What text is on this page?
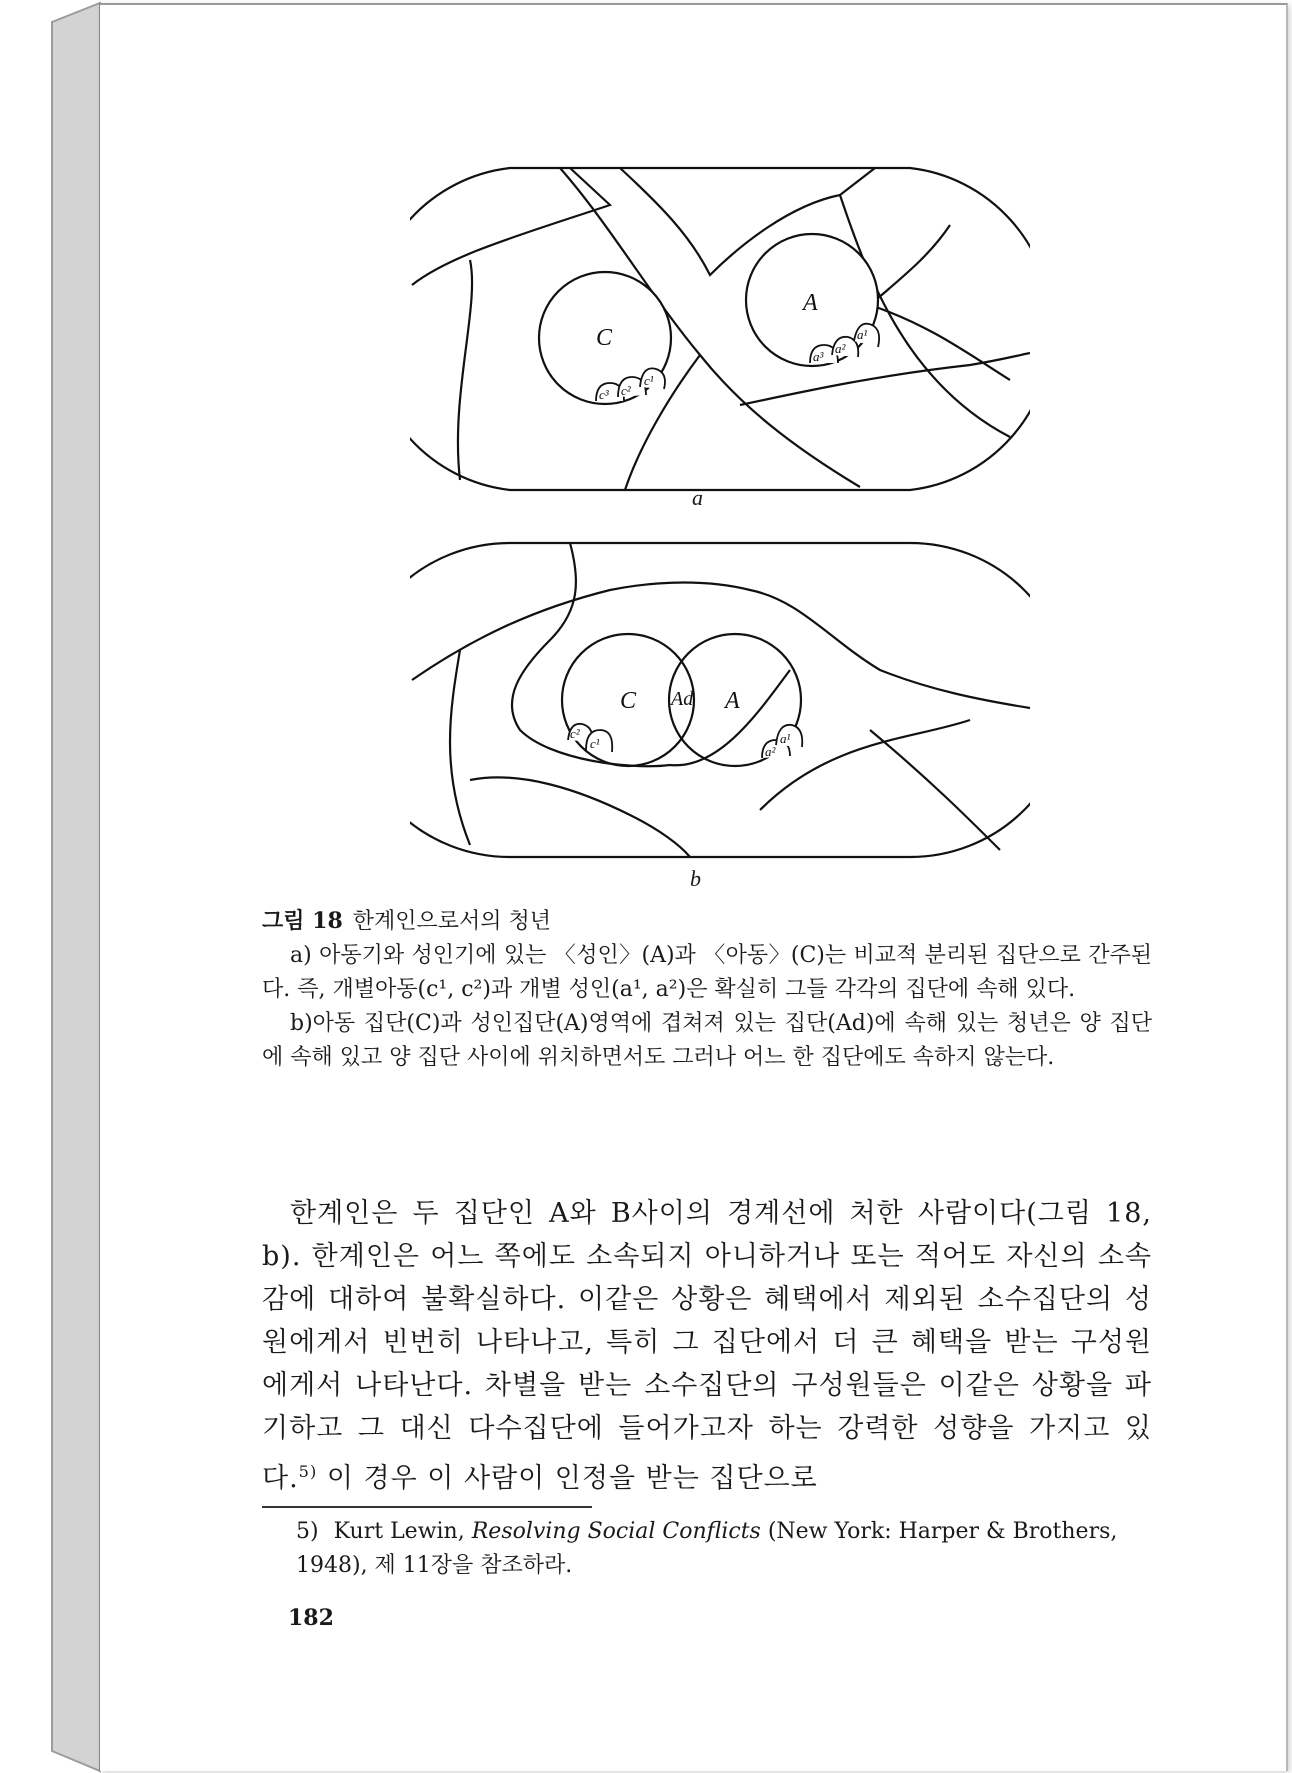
C
A
c³ c²
c¹
a³
a²
a¹
a
C Ad A
c²
c¹
a²
a¹
b
그림 18 한계인으로서의 청년

a) 아동기와 성인기에 있는 〈성인〉(A)과 〈아동〉(C)는 비교적 분리된 집단으로 간주된다. 즉, 개별아동(c¹, c²)과 개별 성인(a¹, a²)은 확실히 그들 각각의 집단에 속해 있다.

b)아동 집단(C)과 성인집단(A)영역에 겹쳐져 있는 집단(Ad)에 속해 있는 청년은 양 집단에 속해 있고 양 집단 사이에 위치하면서도 그러나 어느 한 집단에도 속하지 않는다.

한계인은 두 집단인 A와 B사이의 경계선에 처한 사람이다(그림 18, b). 한계인은 어느 쪽에도 소속되지 아니하거나 또는 적어도 자신의 소속감에 대하여 불확실하다. 이같은 상황은 혜택에서 제외된 소수집단의 성원에게서 빈번히 나타나고, 특히 그 집단에서 더 큰 혜택을 받는 구성원에게서 나타난다. 차별을 받는 소수집단의 구성원들은 이같은 상황을 파기하고 그 대신 다수집단에 들어가고자 하는 강력한 성향을 가지고 있다.$^{5)}$ 이 경우 이 사람이 인정을 받는 집단으로

5) Kurt Lewin, Resolving Social Conflicts (New York: Harper & Brothers, 1948), 제 11장을 참조하라.
182
